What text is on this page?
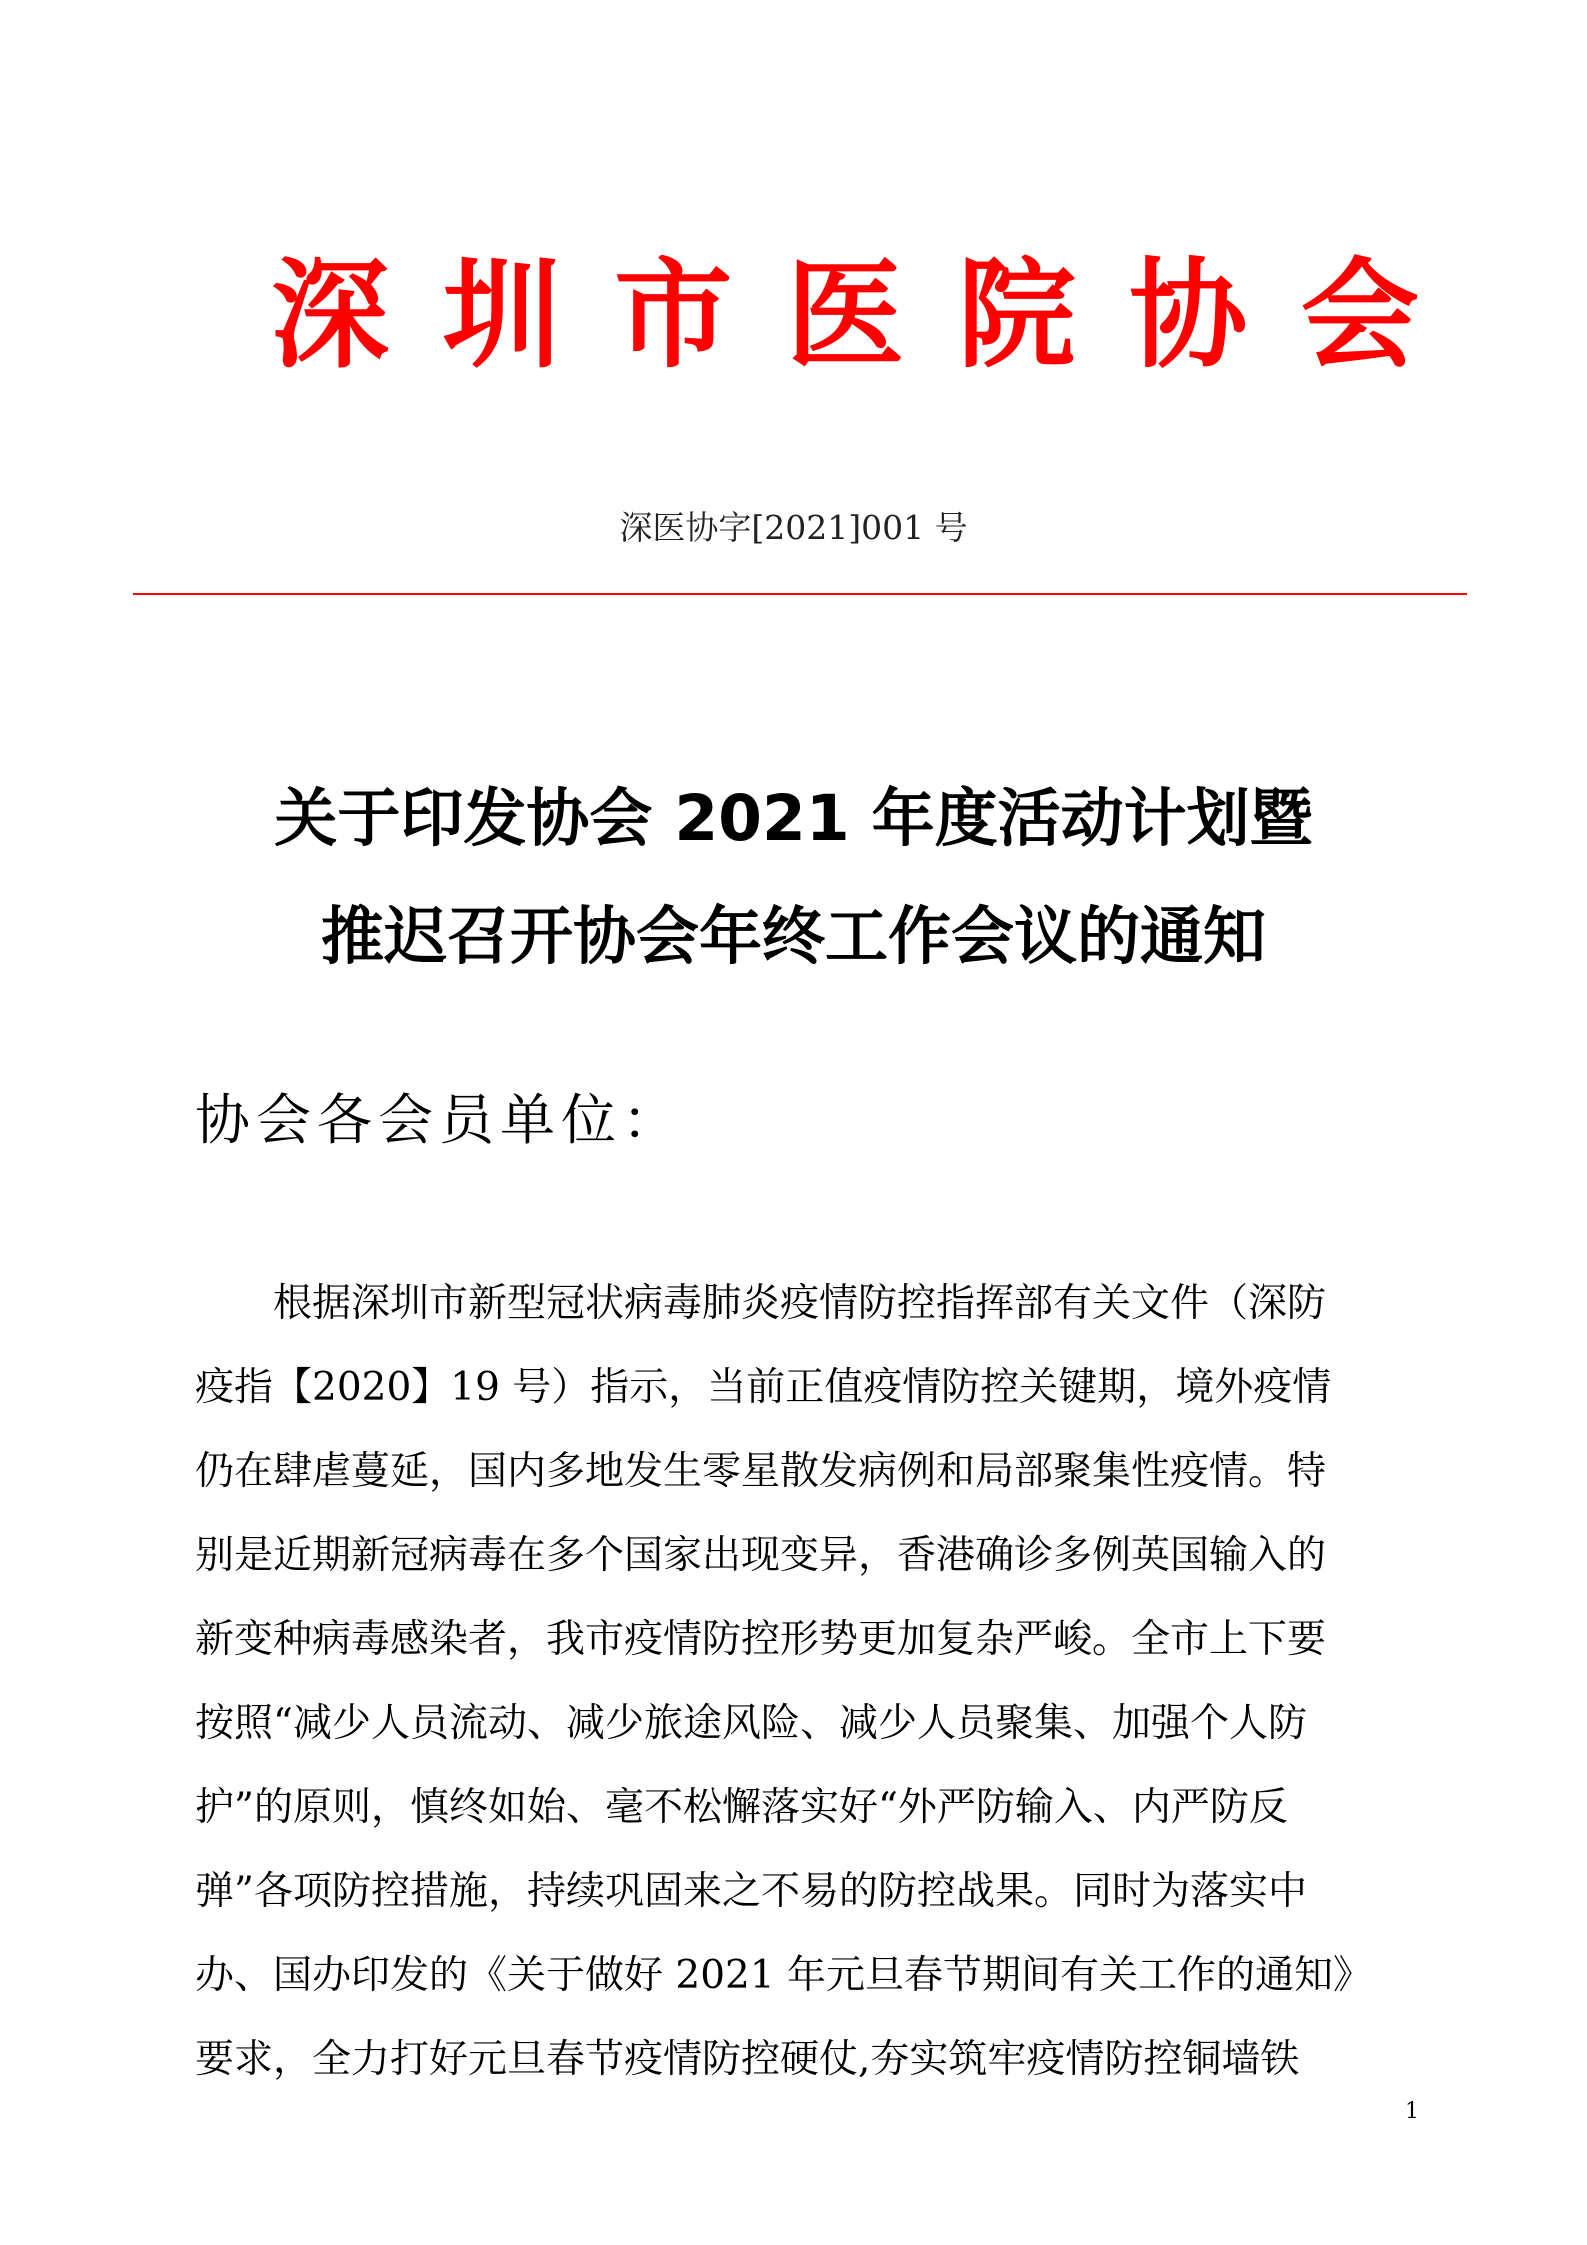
深 圳 市 医 院 协 会
深医协字[2021]001 号
关于印发协会 2021 年度活动计划暨
推迟召开协会年终工作会议的通知
协会各会员单位：
　　根据深圳市新型冠状病毒肺炎疫情防控指挥部有关文件（深防
疫指【2020】19 号）指示，当前正值疫情防控关键期，境外疫情
仍在肆虐蔓延，国内多地发生零星散发病例和局部聚集性疫情。特
别是近期新冠病毒在多个国家出现变异，香港确诊多例英国输入的
新变种病毒感染者，我市疫情防控形势更加复杂严峻。全市上下要
按照“减少人员流动、减少旅途风险、减少人员聚集、加强个人防
护”的原则，慎终如始、毫不松懈落实好“外严防输入、内严防反
弹”各项防控措施，持续巩固来之不易的防控战果。同时为落实中
办、国办印发的《关于做好 2021 年元旦春节期间有关工作的通知》
要求，全力打好元旦春节疫情防控硬仗,夯实筑牢疫情防控铜墙铁
1
